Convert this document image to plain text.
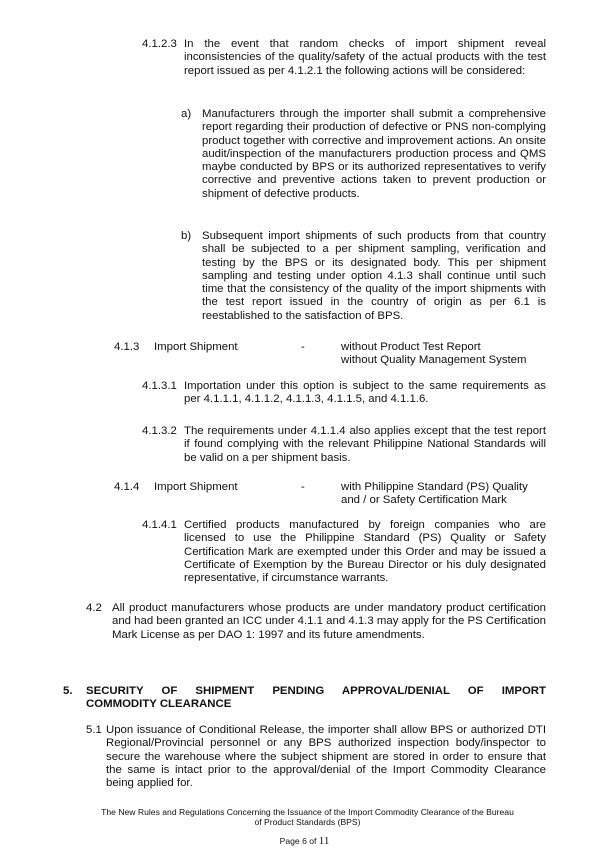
4.1.2.3 In the event that random checks of import shipment reveal inconsistencies of the quality/safety of the actual products with the test report issued as per 4.1.2.1 the following actions will be considered:
a) Manufacturers through the importer shall submit a comprehensive report regarding their production of defective or PNS non-complying product together with corrective and improvement actions. An onsite audit/inspection of the manufacturers production process and QMS maybe conducted by BPS or its authorized representatives to verify corrective and preventive actions taken to prevent production or shipment of defective products.
b) Subsequent import shipments of such products from that country shall be subjected to a per shipment sampling, verification and testing by the BPS or its designated body. This per shipment sampling and testing under option 4.1.3 shall continue until such time that the consistency of the quality of the import shipments with the test report issued in the country of origin as per 6.1 is reestablished to the satisfaction of BPS.
4.1.3 Import Shipment	-	without Product Test Report
without Quality Management System
4.1.3.1 Importation under this option is subject to the same requirements as per 4.1.1.1, 4.1.1.2, 4.1.1.3, 4.1.1.5, and 4.1.1.6.
4.1.3.2 The requirements under 4.1.1.4 also applies except that the test report if found complying with the relevant Philippine National Standards will be valid on a per shipment basis.
4.1.4 Import Shipment	-	with Philippine Standard (PS) Quality
and / or Safety Certification Mark
4.1.4.1 Certified products manufactured by foreign companies who are licensed to use the Philippine Standard (PS) Quality or Safety Certification Mark are exempted under this Order and may be issued a Certificate of Exemption by the Bureau Director or his duly designated representative, if circumstance warrants.
4.2 All product manufacturers whose products are under mandatory product certification and had been granted an ICC under 4.1.1 and 4.1.3 may apply for the PS Certification Mark License as per DAO 1: 1997 and its future amendments.
5. SECURITY OF SHIPMENT PENDING APPROVAL/DENIAL OF IMPORT
COMMODITY CLEARANCE
5.1 Upon issuance of Conditional Release, the importer shall allow BPS or authorized DTI Regional/Provincial personnel or any BPS authorized inspection body/inspector to secure the warehouse where the subject shipment are stored in order to ensure that the same is intact prior to the approval/denial of the Import Commodity Clearance being applied for.
The New Rules and Regulations Concerning the Issuance of the Import Commodity Clearance of the Bureau
of Product Standards (BPS)
Page 6 of 11
